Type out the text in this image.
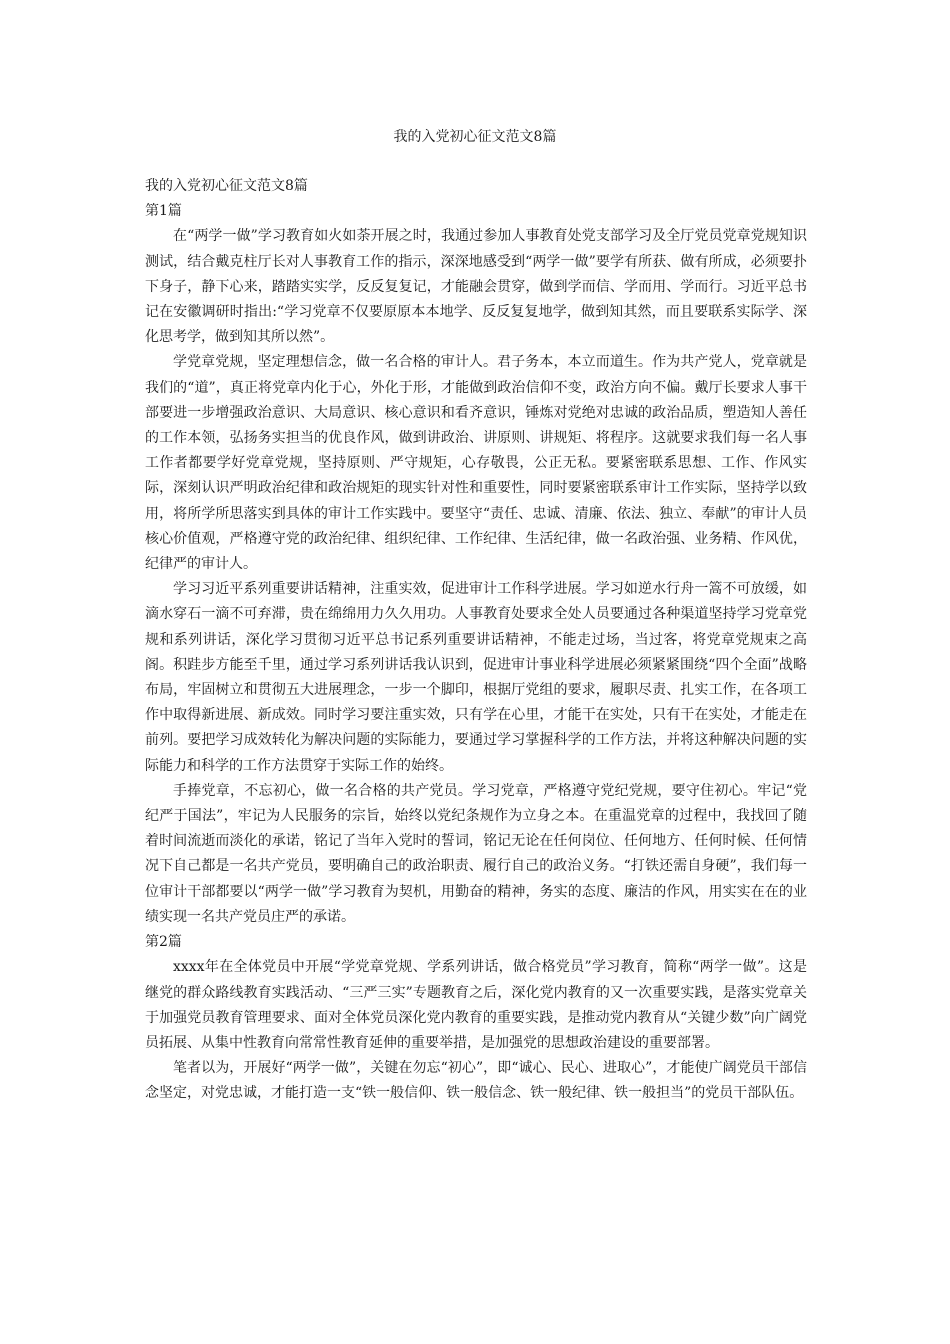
我的入党初心征文范文8篇

我的入党初心征文范文8篇

第1篇

在“两学一做”学习教育如火如荼开展之时，我通过参加人事教育处党支部学习及全厅党员党章党规知识测试，结合戴克柱厅长对人事教育工作的指示，深深地感受到“两学一做”要学有所获、做有所成，必须要扑下身子，静下心来，踏踏实实学，反反复复记，才能融会贯穿，做到学而信、学而用、学而行。习近平总书记在安徽调研时指出:“学习党章不仅要原原本本地学、反反复复地学，做到知其然，而且要联系实际学、深化思考学，做到知其所以然”。

学党章党规，坚定理想信念，做一名合格的审计人。君子务本，本立而道生。作为共产党人，党章就是我们的“道”，真正将党章内化于心，外化于形，才能做到政治信仰不变，政治方向不偏。戴厅长要求人事干部要进一步增强政治意识、大局意识、核心意识和看齐意识，锤炼对党绝对忠诚的政治品质，塑造知人善任的工作本领，弘扬务实担当的优良作风，做到讲政治、讲原则、讲规矩、将程序。这就要求我们每一名人事工作者都要学好党章党规，坚持原则、严守规矩，心存敬畏，公正无私。要紧密联系思想、工作、作风实际，深刻认识严明政治纪律和政治规矩的现实针对性和重要性，同时要紧密联系审计工作实际，坚持学以致用，将所学所思落实到具体的审计工作实践中。要坚守“责任、忠诚、清廉、依法、独立、奉献”的审计人员核心价值观，严格遵守党的政治纪律、组织纪律、工作纪律、生活纪律，做一名政治强、业务精、作风优，纪律严的审计人。

学习习近平系列重要讲话精神，注重实效，促进审计工作科学进展。学习如逆水行舟一篙不可放缓，如滴水穿石一滴不可弃滞，贵在绵绵用力久久用功。人事教育处要求全处人员要通过各种渠道坚持学习党章党规和系列讲话，深化学习贯彻习近平总书记系列重要讲话精神，不能走过场，当过客，将党章党规束之高阁。积跬步方能至千里，通过学习系列讲话我认识到，促进审计事业科学进展必须紧紧围绕“四个全面”战略布局，牢固树立和贯彻五大进展理念，一步一个脚印，根据厅党组的要求，履职尽责、扎实工作，在各项工作中取得新进展、新成效。同时学习要注重实效，只有学在心里，才能干在实处，只有干在实处，才能走在前列。要把学习成效转化为解决问题的实际能力，要通过学习掌握科学的工作方法，并将这种解决问题的实际能力和科学的工作方法贯穿于实际工作的始终。

手捧党章，不忘初心，做一名合格的共产党员。学习党章，严格遵守党纪党规，要守住初心。牢记“党纪严于国法”，牢记为人民服务的宗旨，始终以党纪条规作为立身之本。在重温党章的过程中，我找回了随着时间流逝而淡化的承诺，铭记了当年入党时的誓词，铭记无论在任何岗位、任何地方、任何时候、任何情况下自己都是一名共产党员，要明确自己的政治职责、履行自己的政治义务。“打铁还需自身硬”，我们每一位审计干部都要以“两学一做”学习教育为契机，用勤奋的精神，务实的态度、廉洁的作风，用实实在在的业绩实现一名共产党员庄严的承诺。

第2篇

xxxx年在全体党员中开展“学党章党规、学系列讲话，做合格党员”学习教育，简称“两学一做”。这是继党的群众路线教育实践活动、“三严三实”专题教育之后，深化党内教育的又一次重要实践，是落实党章关于加强党员教育管理要求、面对全体党员深化党内教育的重要实践，是推动党内教育从“关键少数”向广阔党员拓展、从集中性教育向常常性教育延伸的重要举措，是加强党的思想政治建设的重要部署。

笔者以为，开展好“两学一做”，关键在勿忘“初心”，即“诚心、民心、进取心”，才能使广阔党员干部信念坚定，对党忠诚，才能打造一支“铁一般信仰、铁一般信念、铁一般纪律、铁一般担当”的党员干部队伍。
